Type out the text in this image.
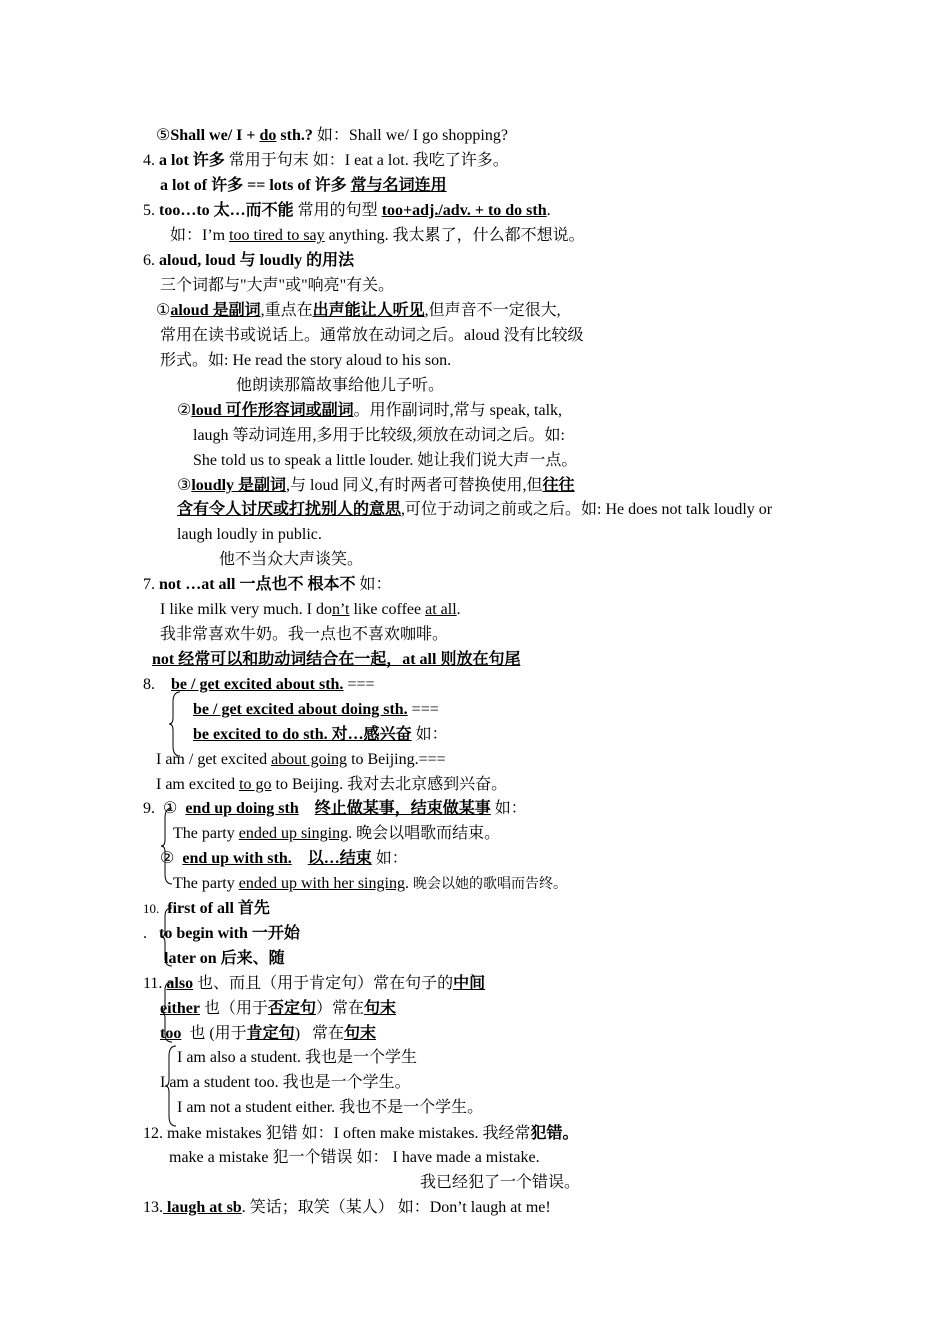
⑤Shall we/ I + do sth.? 如：Shall we/ I go shopping?
4. a lot 许多 常用于句末 如：I eat a lot. 我吃了许多。
a lot of 许多 == lots of 许多 常与名词连用
5. too…to 太…而不能 常用的句型 too+adj./adv. + to do sth.
如：I’m too tired to say anything. 我太累了，什么都不想说。
6. aloud, loud 与 loudly 的用法
三个词都与"大声"或"响亮"有关。
①aloud 是副词,重点在出声能让人听见,但声音不一定很大,
常用在读书或说话上。通常放在动词之后。aloud 没有比较级
形式。如: He read the story aloud to his son.
他朗读那篇故事给他儿子听。
②loud 可作形容词或副词。用作副词时,常与 speak, talk,
laugh 等动词连用,多用于比较级,须放在动词之后。如:
She told us to speak a little louder. 她让我们说大声一点。
③loudly 是副词,与 loud 同义,有时两者可替换使用,但往往
含有令人讨厌或打扰别人的意思,可位于动词之前或之后。如: He does not talk loudly or
laugh loudly in public.
他不当众大声谈笑。
7. not …at all 一点也不 根本不 如：
I like milk very much. I don’t like coffee at all.
我非常喜欢牛奶。我一点也不喜欢咖啡。
not 经常可以和助动词结合在一起，at all 则放在句尾
8.    be / get excited about sth. ===
be / get excited about doing sth. ===
be excited to do sth. 对…感兴奋 如：
I am / get excited about going to Beijing.===
I am excited to go to Beijing. 我对去北京感到兴奋。
9.  ①  end up doing sth 终止做某事，结束做某事 如：
The party ended up singing. 晚会以唱歌而结束。
②  end up with sth. 以…结束 如：
The party ended up with her singing. 晚会以她的歌唱而告终。
10. first of all 首先
. to begin with 一开始
later on 后来、随
11. also 也、而且（用于肯定句）常在句子的中间
either 也（用于否定句）常在句末
too  也 (用于肯定句)   常在句末
I am also a student. 我也是一个学生
I am a student too. 我也是一个学生。
I am not a student either. 我也不是一个学生。
12. make mistakes 犯错 如：I often make mistakes. 我经常犯错。
make a mistake 犯一个错误 如： I have made a mistake.
我已经犯了一个错误。
13. laugh at sb. 笑话；取笑（某人） 如：Don’t laugh at me!
